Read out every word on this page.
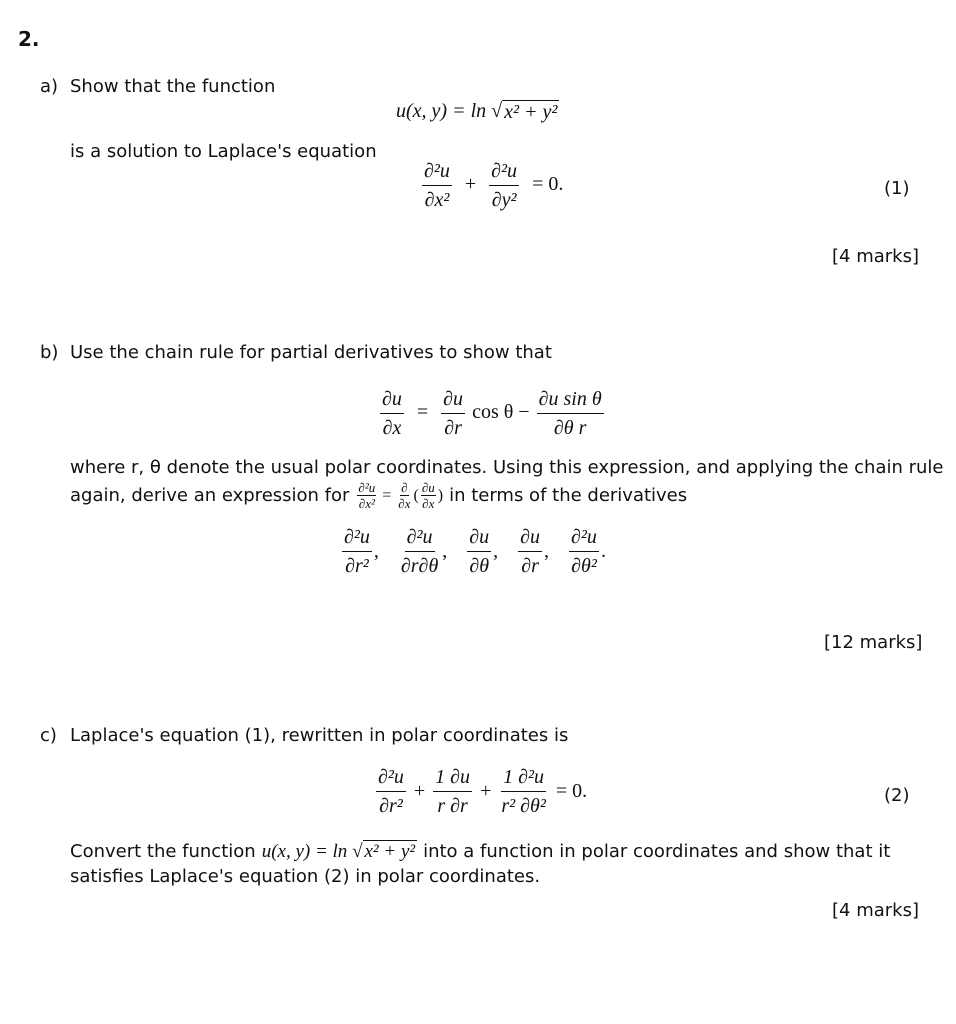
2.
a) Show that the function
u(x, y) = ln √ x² + y²
is a solution to Laplace's equation
$\frac{\text{∂²u}}{\text{∂x²}} + \frac{\text{∂²u}}{\text{∂y²}} = 0$.	(1)
[4 marks]
b) Use the chain rule for partial derivatives to show that
$\frac{\partial u}{\partial x} = \frac{\partial u}{\partial r}$ $\cos \theta - \frac{\text{∂u sin θ}}{\text{∂θ r}}$
where r, θ denote the usual polar coordinates. Using this expression, and applying the chain rule
again, derive an expression for $\frac{\text{∂²u}}{\text{∂x²}} = \frac{\partial}{\partial x}$ ( $\frac{\partial u}{\partial x}$ ) in terms of the derivatives
$\frac{\text{∂²u}}{\text{∂r²}}$ , $\frac{\text{∂²u}}{\partial r\partial\theta}$ , $\frac{\partial u}{\partial\theta}$ , $\frac{\partial u}{\partial r}$ , $\frac{\text{∂²u}}{\text{∂θ²}}$ .
[12 marks]
c) Laplace's equation (1), rewritten in polar coordinates is
$\frac{\text{∂²u}}{\text{∂r²}} + \frac{1 \partial u}{r \partial r} + \frac{\text{1 ∂²u}}{\text{r² ∂θ²}} = 0$.	(2)
Convert the function u(x, y) = ln √ x² + y² into a function in polar coordinates and show that it
satisfies Laplace's equation (2) in polar coordinates.
[4 marks]
